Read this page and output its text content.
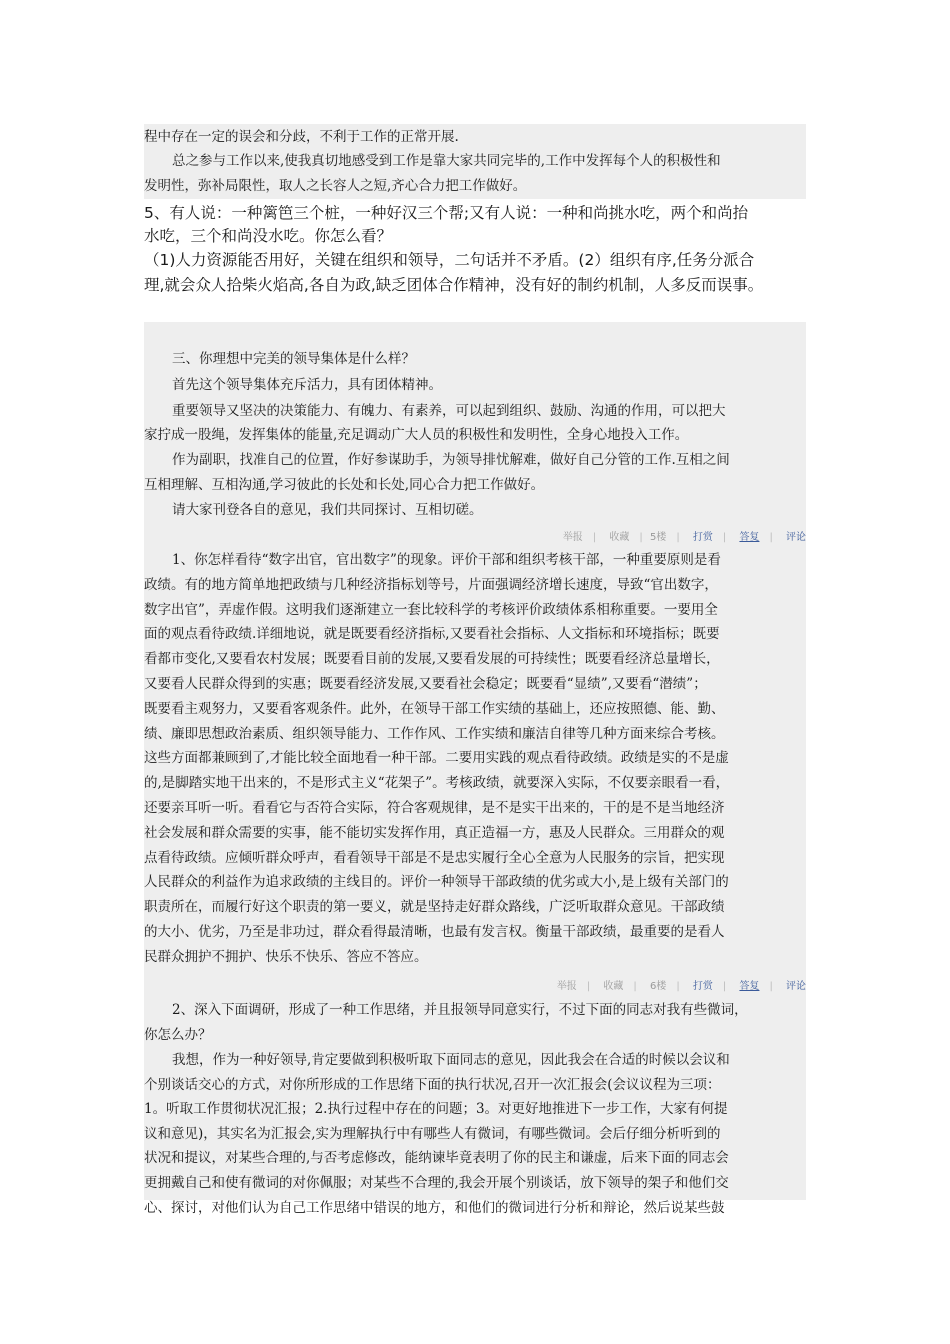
程中存在一定的误会和分歧，不利于工作的正常开展.

总之参与工作以来,使我真切地感受到工作是靠大家共同完毕的,工作中发挥每个人的积极性和

发明性，弥补局限性，取人之长容人之短,齐心合力把工作做好。

5、有人说：一种篱笆三个桩，一种好汉三个帮;又有人说：一种和尚挑水吃，两个和尚抬

水吃，三个和尚没水吃。你怎么看？

（1)人力资源能否用好，关键在组织和领导，二句话并不矛盾。(2）组织有序,任务分派合

理,就会众人拾柴火焰高,各自为政,缺乏团体合作精神，没有好的制约机制，人多反而误事。

三、你理想中完美的领导集体是什么样？

首先这个领导集体充斥活力，具有团体精神。

重要领导又坚决的决策能力、有魄力、有素养，可以起到组织、鼓励、沟通的作用，可以把大

家拧成一股绳，发挥集体的能量,充足调动广大人员的积极性和发明性，全身心地投入工作。

作为副职，找准自己的位置，作好参谋助手，为领导排忧解难，做好自己分管的工作.互相之间

互相理解、互相沟通,学习彼此的长处和长处,同心合力把工作做好。

请大家刊登各自的意见，我们共同探讨、互相切磋。

举报 | 收藏 | 5楼 | 打赏 | 答复 | 评论

1、你怎样看待“数字出官，官出数字”的现象。评价干部和组织考核干部，一种重要原则是看

政绩。有的地方简单地把政绩与几种经济指标划等号，片面强调经济增长速度，导致“官出数字，

数字出官”，弄虚作假。这明我们逐渐建立一套比较科学的考核评价政绩体系相称重要。一要用全

面的观点看待政绩.详细地说，就是既要看经济指标,又要看社会指标、人文指标和环境指标；既要

看都市变化,又要看农村发展；既要看目前的发展,又要看发展的可持续性；既要看经济总量增长，

又要看人民群众得到的实惠；既要看经济发展,又要看社会稳定；既要看“显绩”,又要看“潜绩”；

既要看主观努力，又要看客观条件。此外，在领导干部工作实绩的基础上，还应按照德、能、勤、

绩、廉即思想政治素质、组织领导能力、工作作风、工作实绩和廉洁自律等几种方面来综合考核。

这些方面都兼顾到了,才能比较全面地看一种干部。二要用实践的观点看待政绩。政绩是实的不是虚

的,是脚踏实地干出来的，不是形式主义“花架子”。考核政绩，就要深入实际，不仅要亲眼看一看，

还要亲耳听一听。看看它与否符合实际，符合客观规律，是不是实干出来的，干的是不是当地经济

社会发展和群众需要的实事，能不能切实发挥作用，真正造福一方，惠及人民群众。三用群众的观

点看待政绩。应倾听群众呼声，看看领导干部是不是忠实履行全心全意为人民服务的宗旨，把实现

人民群众的利益作为追求政绩的主线目的。评价一种领导干部政绩的优劣或大小,是上级有关部门的

职责所在，而履行好这个职责的第一要义，就是坚持走好群众路线，广泛听取群众意见。干部政绩

的大小、优劣，乃至是非功过，群众看得最清晰，也最有发言权。衡量干部政绩，最重要的是看人

民群众拥护不拥护、快乐不快乐、答应不答应。

举报 | 收藏 | 6楼 | 打赏 | 答复 | 评论

2、深入下面调研，形成了一种工作思绪，并且报领导同意实行，不过下面的同志对我有些微词，

你怎么办？

我想，作为一种好领导,肯定要做到积极听取下面同志的意见，因此我会在合适的时候以会议和

个别谈话交心的方式，对你所形成的工作思绪下面的执行状况,召开一次汇报会(会议议程为三项：

1。听取工作贯彻状况汇报；2.执行过程中存在的问题；3。对更好地推进下一步工作，大家有何提

议和意见)，其实名为汇报会,实为理解执行中有哪些人有微词，有哪些微词。会后仔细分析听到的

状况和提议，对某些合理的,与否考虑修改，能纳谏毕竟表明了你的民主和谦虚，后来下面的同志会

更拥戴自己和使有微词的对你佩服；对某些不合理的,我会开展个别谈话，放下领导的架子和他们交

心、探讨，对他们认为自己工作思绪中错误的地方，和他们的微词进行分析和辩论，然后说某些鼓
